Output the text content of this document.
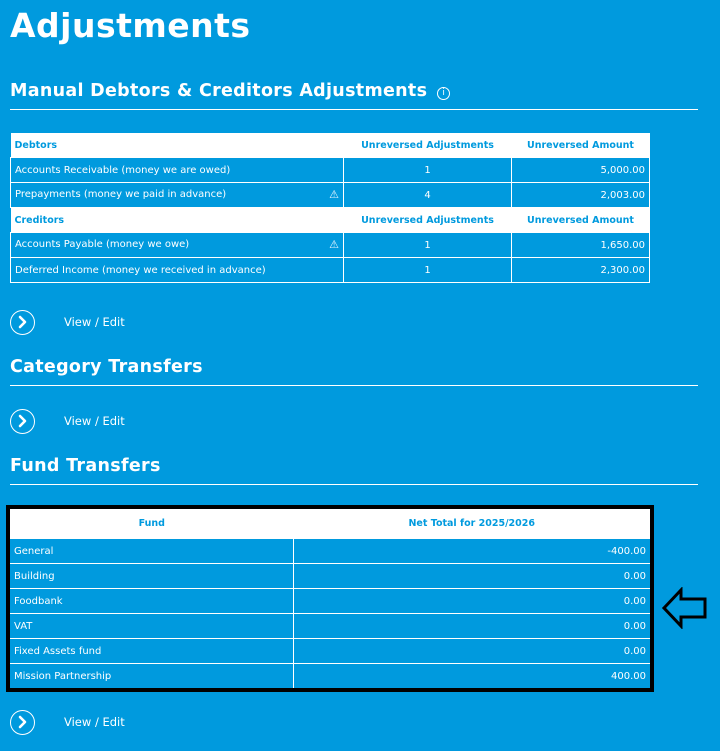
Adjustments
Manual Debtors & Creditors Adjustments i
Debtors	Unreversed Adjustments	Unreversed Amount
Accounts Receivable (money we are owed)	1	5,000.00
Prepayments (money we paid in advance) ⚠	4	2,003.00
Creditors	Unreversed Adjustments	Unreversed Amount
Accounts Payable (money we owe) ⚠	1	1,650.00
Deferred Income (money we received in advance)	1	2,300.00
View / Edit
Category Transfers
View / Edit
Fund Transfers
Fund	Net Total for 2025/2026
General	-400.00
Building	0.00
Foodbank	0.00
VAT	0.00
Fixed Assets fund	0.00
Mission Partnership	400.00
View / Edit
